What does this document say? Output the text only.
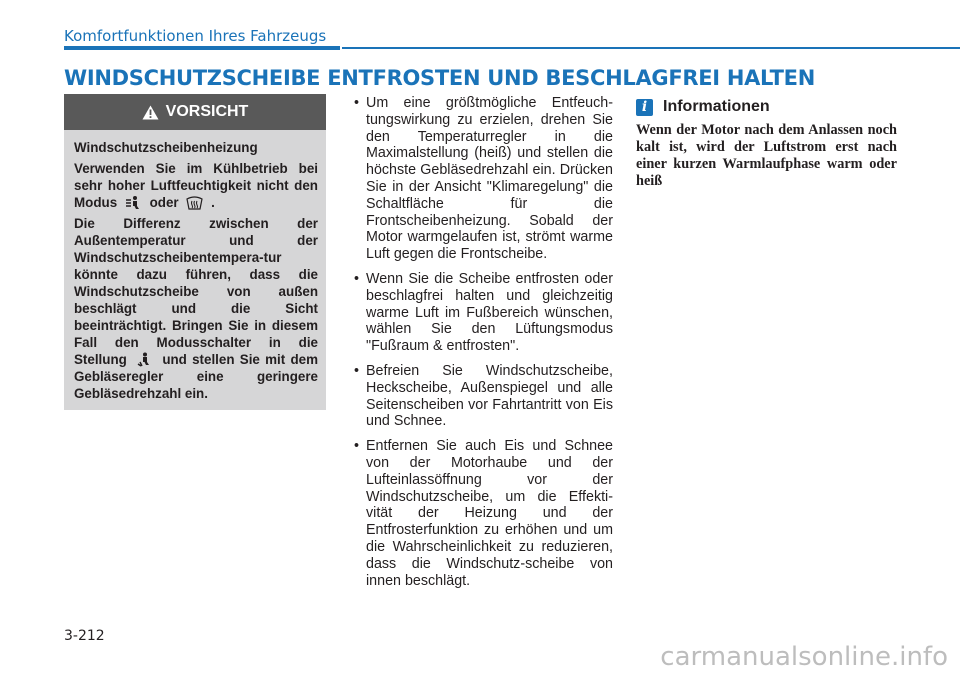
Komfortfunktionen Ihres Fahrzeugs
WINDSCHUTZSCHEIBE ENTFROSTEN UND BESCHLAGFREI HALTEN
VORSICHT

Windschutzscheibenheizung

Verwenden Sie im Kühlbetrieb bei sehr hoher Luftfeuchtigkeit nicht den Modus oder .

Die Differenz zwischen der Außentemperatur und der Windschutzscheibentempera-tur könnte dazu führen, dass die Windschutzscheibe von außen beschlägt und die Sicht beeinträchtigt. Bringen Sie in diesem Fall den Modusschalter in die Stellung	und stellen Sie mit dem Gebläseregler eine geringere Gebläsedrehzahl ein.

• Um eine größtmögliche Entfeuch-tungswirkung zu erzielen, drehen Sie den Temperaturregler in die Maximalstellung (heiß) und stellen die höchste Gebläsedrehzahl ein. Drücken Sie in der Ansicht "Klimaregelung" die Schaltfläche für die Frontscheibenheizung. Sobald der Motor warmgelaufen ist, strömt warme Luft gegen die Frontscheibe.
• Wenn Sie die Scheibe entfrosten oder beschlagfrei halten und gleichzeitig warme Luft im Fußbereich wünschen, wählen Sie den Lüftungsmodus "Fußraum & entfrosten".
• Befreien Sie Windschutzscheibe, Heckscheibe, Außenspiegel und alle Seitenscheiben vor Fahrtantritt von Eis und Schnee.
• Entfernen Sie auch Eis und Schnee von der Motorhaube und der Lufteinlassöffnung vor der Windschutzscheibe, um die Effekti-vität der Heizung und der Entfrosterfunktion zu erhöhen und um die Wahrscheinlichkeit zu reduzieren, dass die Windschutz-scheibe von innen beschlägt.
i Informationen

Wenn der Motor nach dem Anlassen noch kalt ist, wird der Luftstrom erst nach einer kurzen Warmlaufphase warm oder heiß

3-212
carmanualsonline.info
